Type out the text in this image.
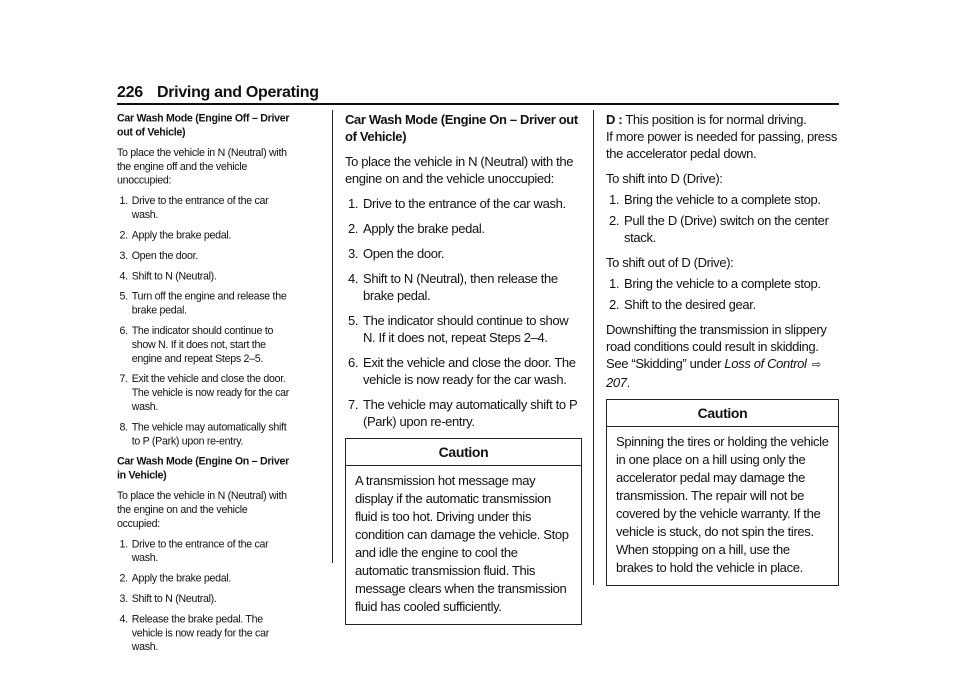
226 Driving and Operating
Car Wash Mode (Engine Off – Driver out of Vehicle)

To place the vehicle in N (Neutral) with the engine off and the vehicle unoccupied:

1. Drive to the entrance of the car wash.
2. Apply the brake pedal.
3. Open the door.
4. Shift to N (Neutral).
5. Turn off the engine and release the brake pedal.
6. The indicator should continue to show N. If it does not, start the engine and repeat Steps 2–5.
7. Exit the vehicle and close the door. The vehicle is now ready for the car wash.
8. The vehicle may automatically shift to P (Park) upon re-entry.
Car Wash Mode (Engine On – Driver in Vehicle)

To place the vehicle in N (Neutral) with the engine on and the vehicle occupied:

1. Drive to the entrance of the car wash.
2. Apply the brake pedal.
3. Shift to N (Neutral).
4. Release the brake pedal. The vehicle is now ready for the car wash.
Car Wash Mode (Engine On – Driver out of Vehicle)

To place the vehicle in N (Neutral) with the engine on and the vehicle unoccupied:

1. Drive to the entrance of the car wash.
2. Apply the brake pedal.
3. Open the door.
4. Shift to N (Neutral), then release the brake pedal.
5. The indicator should continue to show N. If it does not, repeat Steps 2–4.
6. Exit the vehicle and close the door. The vehicle is now ready for the car wash.
7. The vehicle may automatically shift to P (Park) upon re-entry.
Caution
A transmission hot message may display if the automatic transmission fluid is too hot. Driving under this condition can damage the vehicle. Stop and idle the engine to cool the automatic transmission fluid. This message clears when the transmission fluid has cooled sufficiently.

D : This position is for normal driving.

If more power is needed for passing, press the accelerator pedal down.

To shift into D (Drive):

1. Bring the vehicle to a complete stop.
2. Pull the D (Drive) switch on the center stack.

To shift out of D (Drive):

1. Bring the vehicle to a complete stop.
2. Shift to the desired gear.

Downshifting the transmission in slippery road conditions could result in skidding. See “Skidding” under Loss of Control ⇨207.

Caution
Spinning the tires or holding the vehicle in one place on a hill using only the accelerator pedal may damage the transmission. The repair will not be covered by the vehicle warranty. If the vehicle is stuck, do not spin the tires. When stopping on a hill, use the brakes to hold the vehicle in place.
